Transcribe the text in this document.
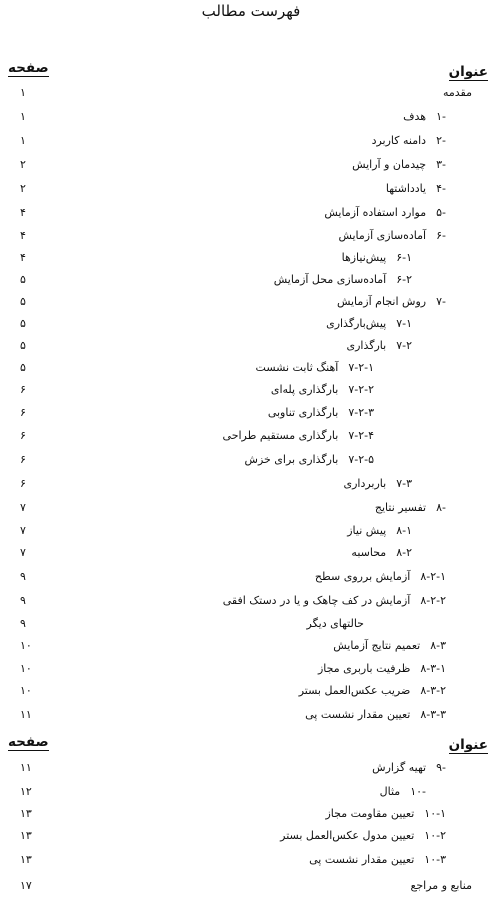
فهرست مطالب
صفحه	عنوان
صفحه	عنوان
۱	مقدمه
۱	-۱هدف
۱	-۲دامنه کاربرد
۲	-۳چیدمان و آرایش
۲	-۴یادداشتها
۴	-۵موارد استفاده آزمایش
۴	-۶آماده‌سازی آزمایش
۴	۶-۱پیش‌نیازها
۵	۶-۲آماده‌سازی محل آزمایش
۵	-۷روش انجام آزمایش
۵	۷-۱پیش‌بارگذاری
۵	۷-۲بارگذاری
۵	۷-۲-۱آهنگ ثابت نشست
۶	۷-۲-۲بارگذاری پله‌ای
۶	۷-۲-۳بارگذاری تناوبی
۶	۷-۲-۴بارگذاری مستقیم طراحی
۶	۷-۲-۵بارگذاری برای خزش
۶	۷-۳باربرداری
۷	-۸تفسیر نتایج
۷	۸-۱پیش نیاز
۷	۸-۲محاسبه
۹	۸-۲-۱آزمایش برروی سطح
۹	۸-۲-۲آزمایش در کف چاهک و یا در دستک افقی
۹	حالتهای دیگر
۱۰	۸-۳تعمیم نتایج آزمایش
۱۰	۸-۳-۱ظرفیت باربری مجاز
۱۰	۸-۳-۲ضریب عکس‌العمل بستر
۱۱	۸-۳-۳تعیین مقدار نشست پی
۱۱	-۹تهیه گزارش
۱۲	-۱۰مثال
۱۳	۱۰-۱تعیین مقاومت مجاز
۱۳	۱۰-۲تعیین مدول عکس‌العمل بستر
۱۳	۱۰-۳تعیین مقدار نشست پی
۱۷	منابع و مراجع
